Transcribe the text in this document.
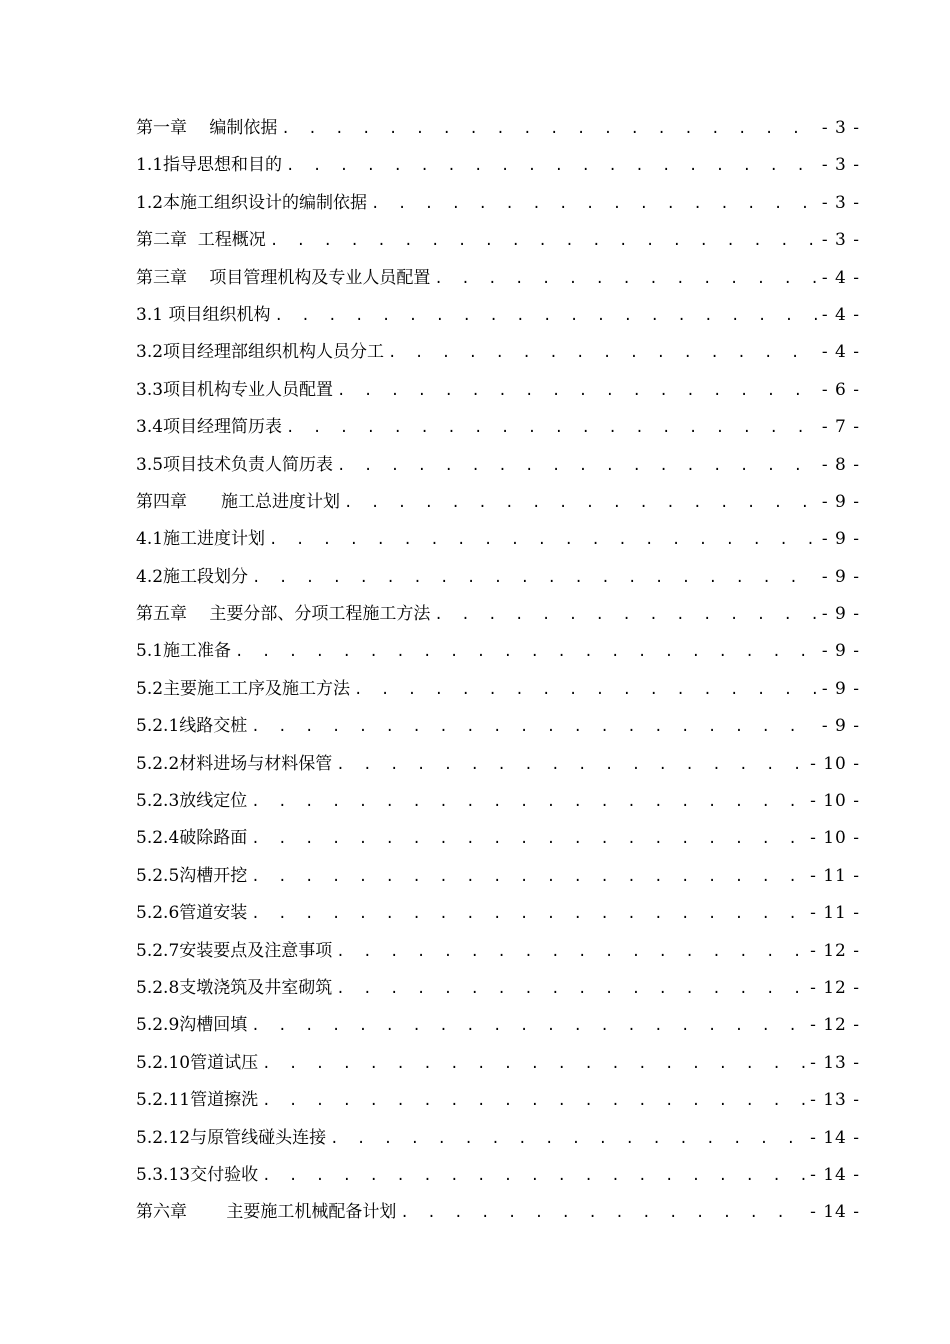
第一章　 编制依据 . . .	- 3 -
1.1指导思想和目的 . . .	- 3 -
1.2本施工组织设计的编制依据 . . .	- 3 -
第二章  工程概况 . . .	- 3 -
第三章　 项目管理机构及专业人员配置 . . .	- 4 -
3.1 项目组织机构 . . .	- 4 -
3.2项目经理部组织机构人员分工 . . .	- 4 -
3.3项目机构专业人员配置 . . .	- 6 -
3.4项目经理简历表 . . .	- 7 -
3.5项目技术负责人简历表 . . .	- 8 -
第四章　　施工总进度计划 . . .	- 9 -
4.1施工进度计划 . . .	- 9 -
4.2施工段划分 . . .	- 9 -
第五章　 主要分部、分项工程施工方法 . . .	- 9 -
5.1施工准备 . . .	- 9 -
5.2主要施工工序及施工方法 . . .	- 9 -
5.2.1线路交桩 . . .	- 9 -
5.2.2材料进场与材料保管 . . .	- 10 -
5.2.3放线定位 . . .	- 10 -
5.2.4破除路面 . . .	- 10 -
5.2.5沟槽开挖 . . .	- 11 -
5.2.6管道安装 . . .	- 11 -
5.2.7安装要点及注意事项 . . .	- 12 -
5.2.8支墩浇筑及井室砌筑 . . .	- 12 -
5.2.9沟槽回填 . . .	- 12 -
5.2.10管道试压 . . .	- 13 -
5.2.11管道擦洗 . . .	- 13 -
5.2.12与原管线碰头连接 . . .	- 14 -
5.3.13交付验收 . . .	- 14 -
第六章　　 主要施工机械配备计划 . . .	- 14 -
